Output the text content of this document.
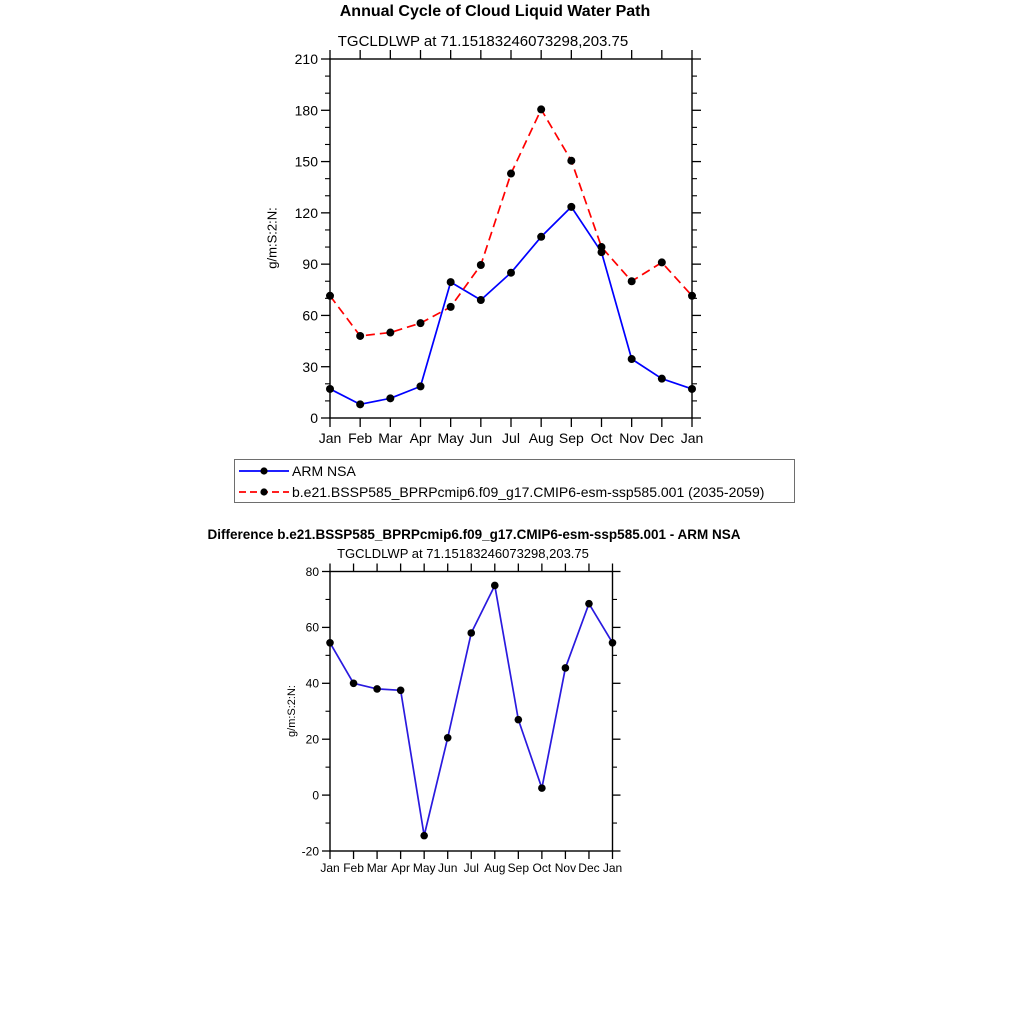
Annual Cycle of Cloud Liquid Water Path
TGCLDLWP at 71.15183246073298,203.75
g/m:S:2:N:
Jan Feb Mar Apr May Jun Jul Aug Sep Oct Nov Dec Jan
0
30
60
90
120
150
180
210
Jan Feb Mar Apr May Jun Jul Aug Sep Oct Nov Dec Jan
-20
0
20
40
60
80
ARM NSA
b.e21.BSSP585_BPRPcmip6.f09_g17.CMIP6-esm-ssp585.001 (2035-2059)
Difference b.e21.BSSP585_BPRPcmip6.f09_g17.CMIP6-esm-ssp585.001 - ARM NSA
TGCLDLWP at 71.15183246073298,203.75
g/m:S:2:N:
